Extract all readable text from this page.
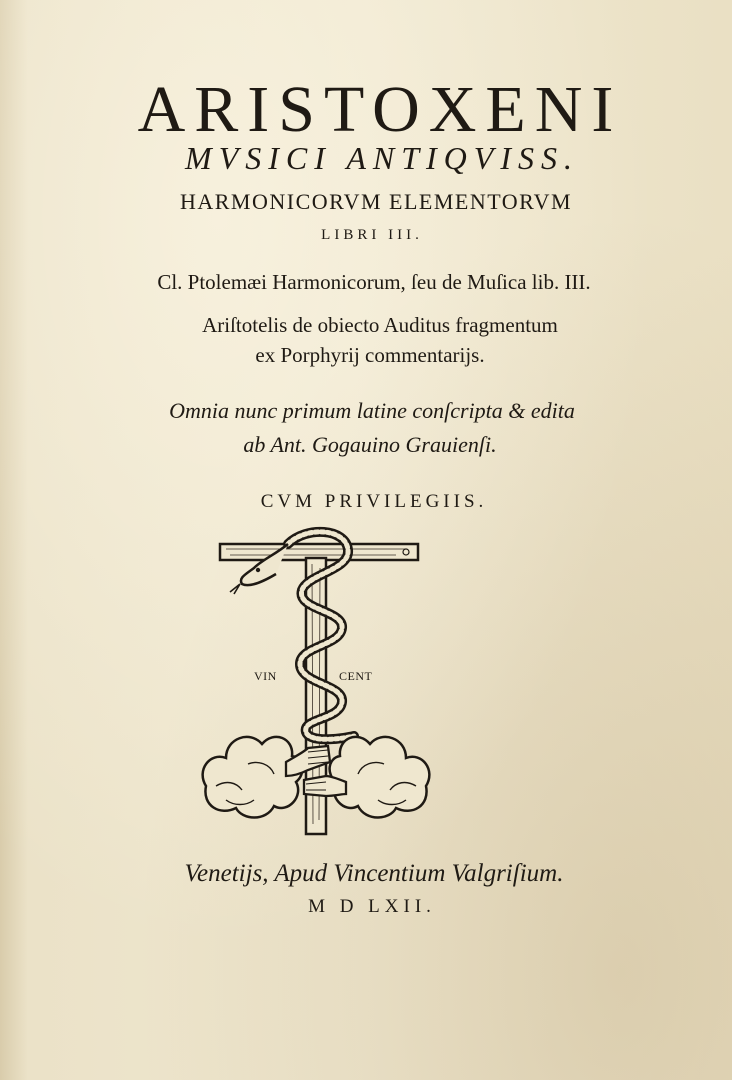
ARISTOXENI
MVSICI ANTIQVISS.
HARMONICORVM ELEMENTORVM
LIBRI III.
Cl. Ptolemæi Harmonicorum, ſeu de Muſica lib. III.
Ariſtotelis de obiecto Auditus fragmentum
ex Porphyrij commentarijs.
Omnia nunc primum latine conſcripta & edita
ab Ant. Gogauino Grauienſi.
CVM PRIVILEGIIS.
VIN	CENT
Venetijs, Apud Vincentium Valgriſium.
M D LXII.
